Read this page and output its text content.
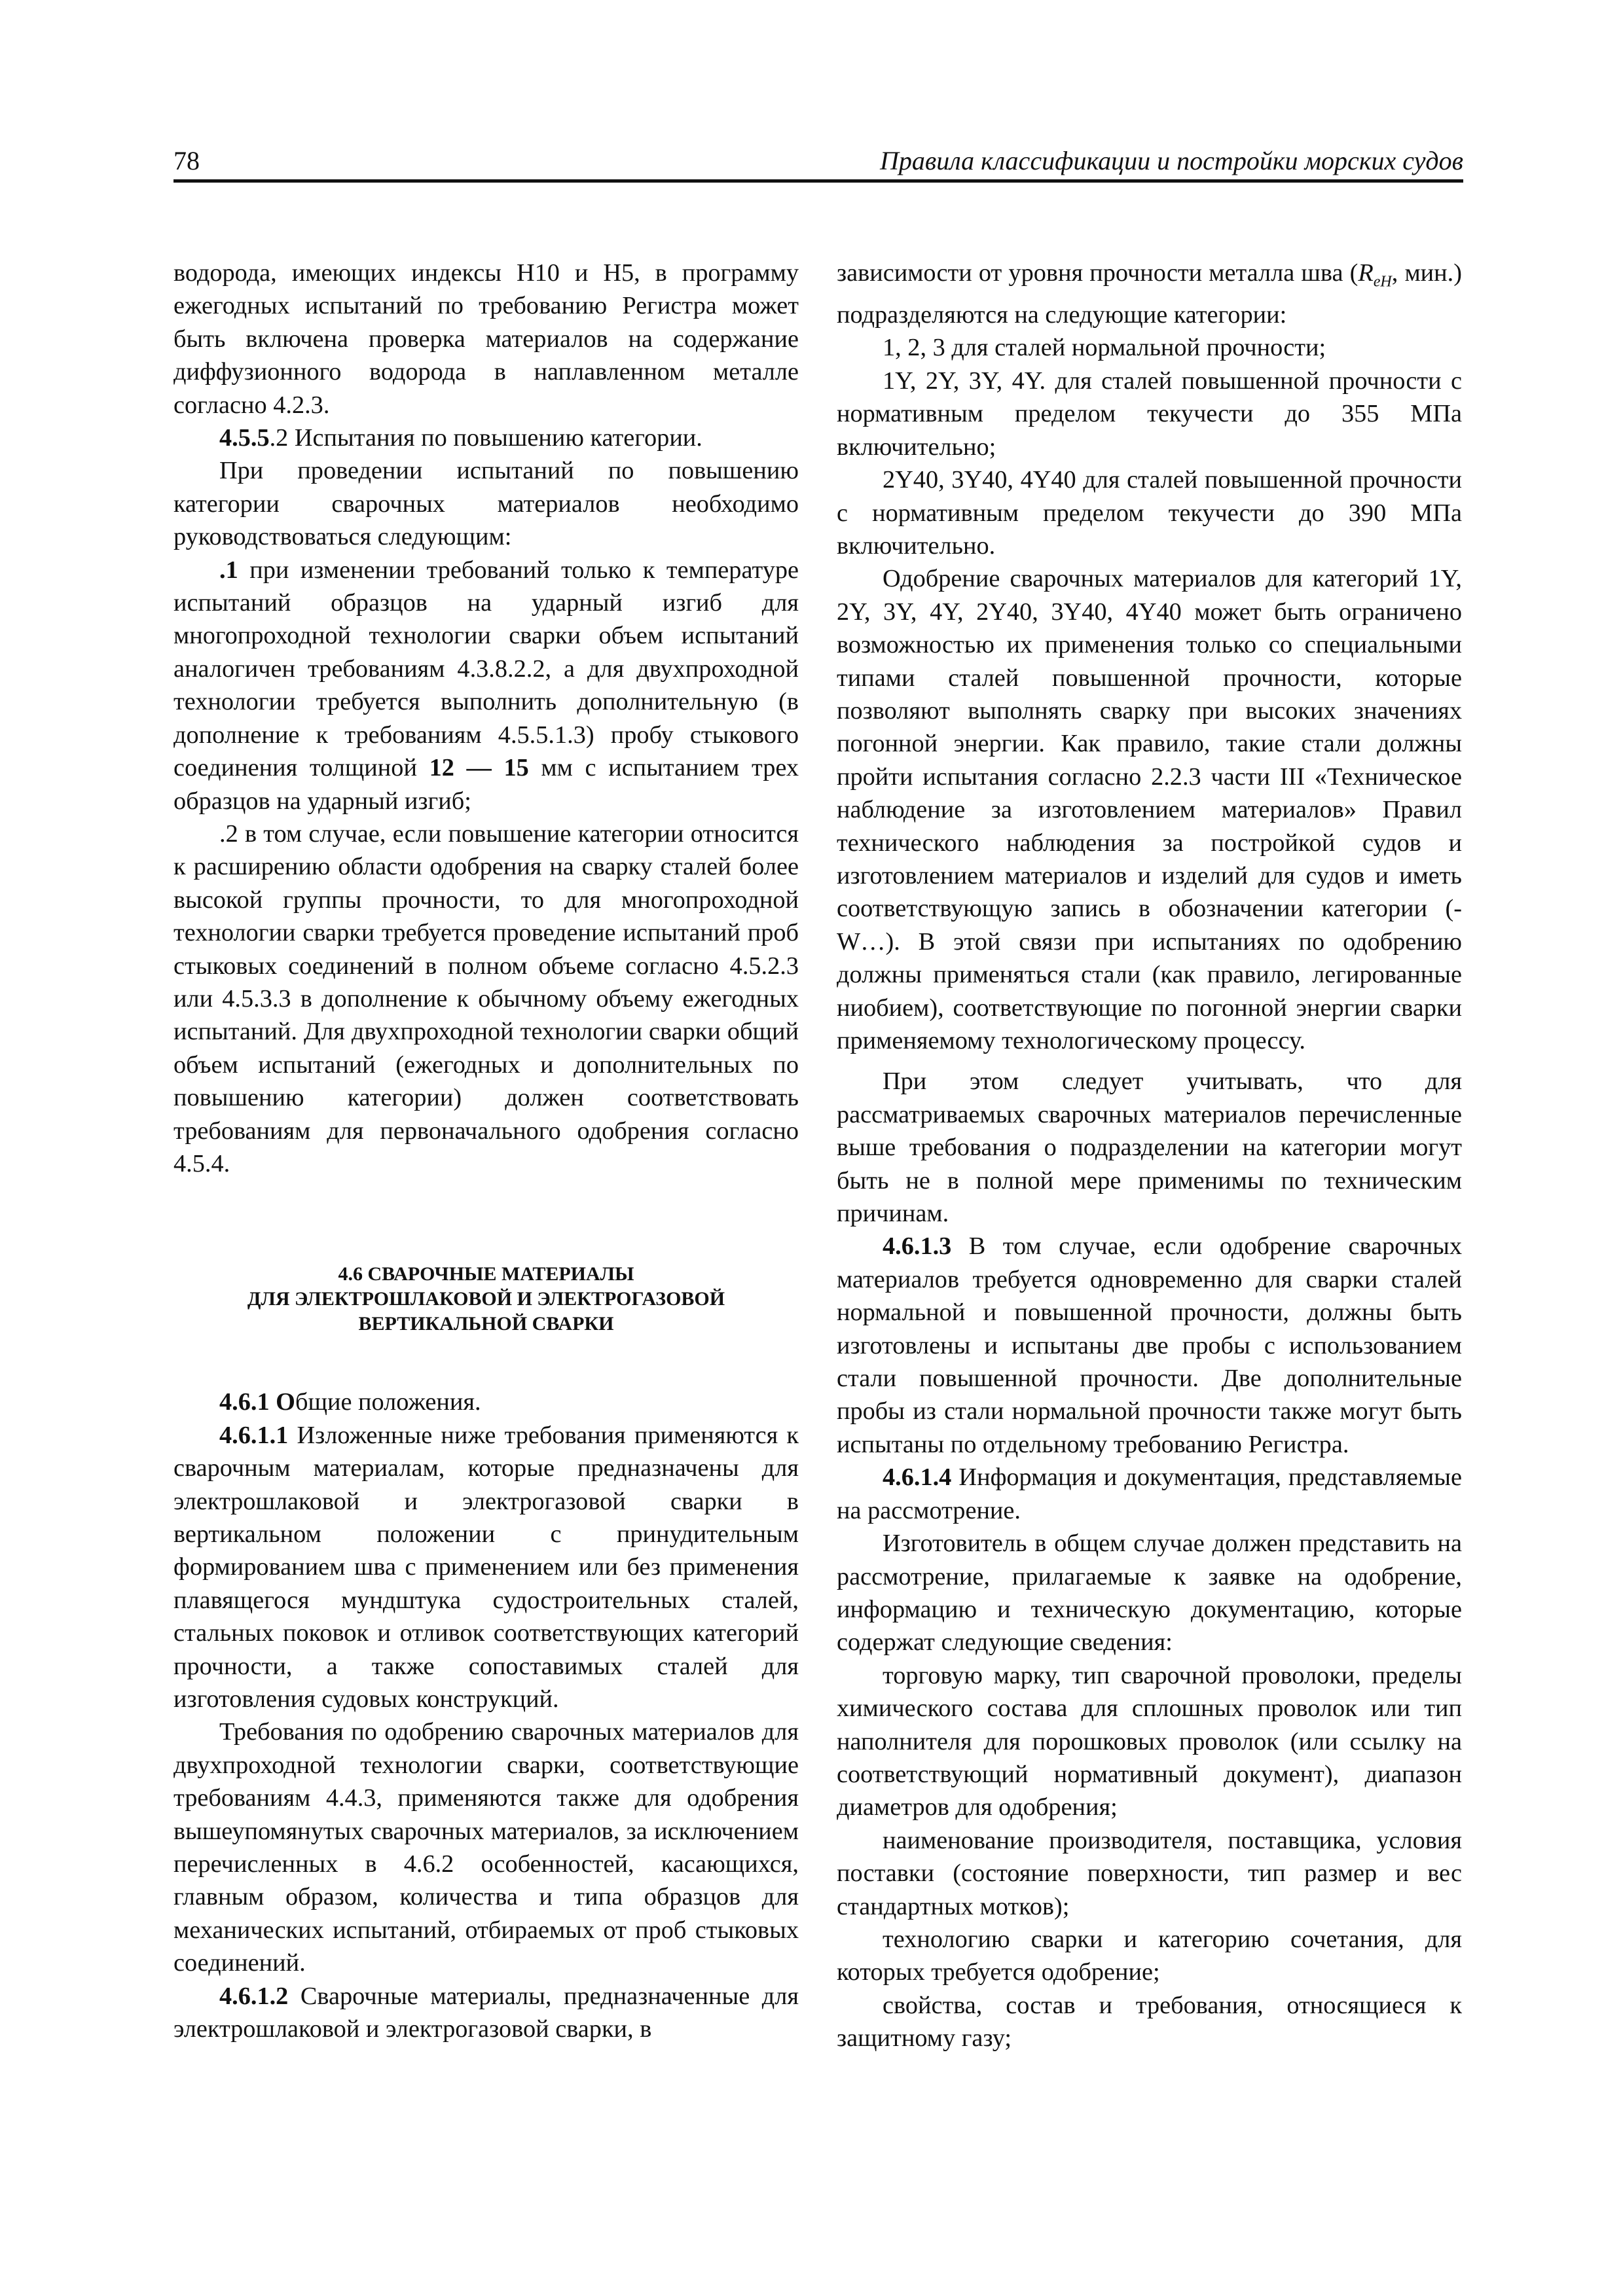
78	Правила классификации и постройки морских судов

водорода, имеющих индексы Н10 и Н5, в программу ежегодных испытаний по требованию Регистра может быть включена проверка материалов на содержание диффузионного водорода в наплавленном металле согласно 4.2.3.

4.5.5.2 Испытания по повышению категории.

При проведении испытаний по повышению категории сварочных материалов необходимо руководствоваться следующим:

.1 при изменении требований только к температуре испытаний образцов на ударный изгиб для многопроходной технологии сварки объем испытаний аналогичен требованиям 4.3.8.2.2, а для двухпроходной технологии требуется выполнить дополнительную (в дополнение к требованиям 4.5.5.1.3) пробу стыкового соединения толщиной 12 — 15 мм с испытанием трех образцов на ударный изгиб;

.2 в том случае, если повышение категории относится к расширению области одобрения на сварку сталей более высокой группы прочности, то для многопроходной технологии сварки требуется проведение испытаний проб стыковых соединений в полном объеме согласно 4.5.2.3 или 4.5.3.3 в дополнение к обычному объему ежегодных испытаний. Для двухпроходной технологии сварки общий объем испытаний (ежегодных и дополнительных по повышению категории) должен соответствовать требованиям для первоначального одобрения согласно 4.5.4.

4.6 СВАРОЧНЫЕ МАТЕРИАЛЫ
ДЛЯ ЭЛЕКТРОШЛАКОВОЙ И ЭЛЕКТРОГАЗОВОЙ
ВЕРТИКАЛЬНОЙ СВАРКИ

4.6.1 Общие положения.

4.6.1.1 Изложенные ниже требования применяются к сварочным материалам, которые предназначены для электрошлаковой и электрогазовой сварки в вертикальном положении с принудительным формированием шва с применением или без применения плавящегося мундштука судостроительных сталей, стальных поковок и отливок соответствующих категорий прочности, а также сопоставимых сталей для изготовления судовых конструкций.

Требования по одобрению сварочных материалов для двухпроходной технологии сварки, соответствующие требованиям 4.4.3, применяются также для одобрения вышеупомянутых сварочных материалов, за исключением перечисленных в 4.6.2 особенностей, касающихся, главным образом, количества и типа образцов для механических испытаний, отбираемых от проб стыковых соединений.

4.6.1.2 Сварочные материалы, предназначенные для электрошлаковой и электрогазовой сварки, в

зависимости от уровня прочности металла шва ($R_{eH}$, мин.) подразделяются на следующие категории:

1, 2, 3 для сталей нормальной прочности;

1Y, 2Y, 3Y, 4Y. для сталей повышенной прочности с нормативным пределом текучести до 355 МПа включительно;

2Y40, 3Y40, 4Y40 для сталей повышенной прочности с нормативным пределом текучести до 390 МПа включительно.

Одобрение сварочных материалов для категорий 1Y, 2Y, 3Y, 4Y, 2Y40, 3Y40, 4Y40 может быть ограничено возможностью их применения только со специальными типами сталей повышенной прочности, которые позволяют выполнять сварку при высоких значениях погонной энергии. Как правило, такие стали должны пройти испытания согласно 2.2.3 части III «Техническое наблюдение за изготовлением материалов» Правил технического наблюдения за постройкой судов и изготовлением материалов и изделий для судов и иметь соответствующую запись в обозначении категории (-W…). В этой связи при испытаниях по одобрению должны применяться стали (как правило, легированные ниобием), соответствующие по погонной энергии сварки применяемому технологическому процессу.

При этом следует учитывать, что для рассматриваемых сварочных материалов перечисленные выше требования о подразделении на категории могут быть не в полной мере применимы по техническим причинам.

4.6.1.3 В том случае, если одобрение сварочных материалов требуется одновременно для сварки сталей нормальной и повышенной прочности, должны быть изготовлены и испытаны две пробы с использованием стали повышенной прочности. Две дополнительные пробы из стали нормальной прочности также могут быть испытаны по отдельному требованию Регистра.

4.6.1.4 Информация и документация, представляемые на рассмотрение.

Изготовитель в общем случае должен представить на рассмотрение, прилагаемые к заявке на одобрение, информацию и техническую документацию, которые содержат следующие сведения:

торговую марку, тип сварочной проволоки, пределы химического состава для сплошных проволок или тип наполнителя для порошковых проволок (или ссылку на соответствующий нормативный документ), диапазон диаметров для одобрения;

наименование производителя, поставщика, условия поставки (состояние поверхности, тип размер и вес стандартных мотков);

технологию сварки и категорию сочетания, для которых требуется одобрение;

свойства, состав и требования, относящиеся к защитному газу;
